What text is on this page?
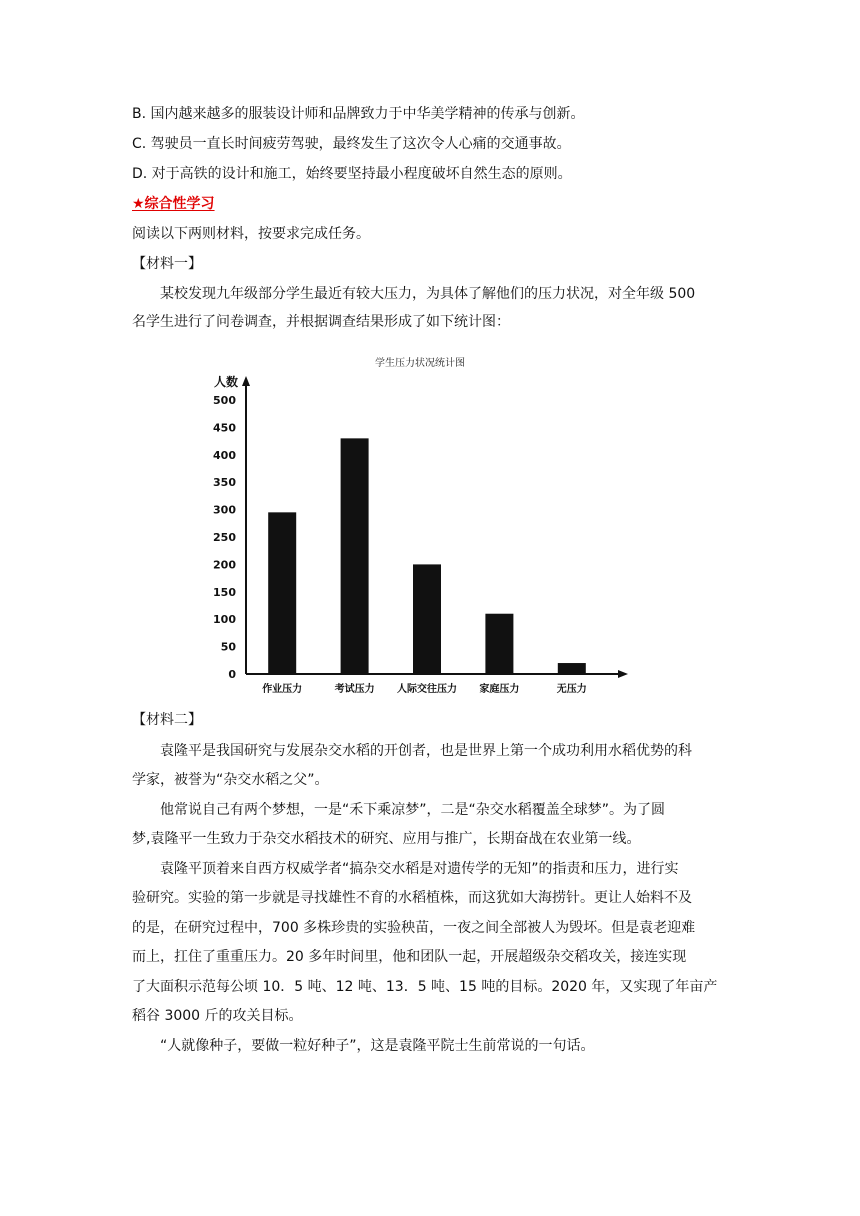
B. 国内越来越多的服装设计师和品牌致力于中华美学精神的传承与创新。
C. 驾驶员一直长时间疲劳驾驶，最终发生了这次令人心痛的交通事故。
D. 对于高铁的设计和施工，始终要坚持最小程度破坏自然生态的原则。
★综合性学习
阅读以下两则材料，按要求完成任务。
【材料一】
某校发现九年级部分学生最近有较大压力，为具体了解他们的压力状况，对全年级 500
名学生进行了问卷调查，并根据调查结果形成了如下统计图：
学生压力状况统计图
人数
0
50
100
150
200
250
300
350
400
450
500
作业压力	考试压力 人际交往压力 家庭压力	无压力
【材料二】
袁隆平是我国研究与发展杂交水稻的开创者，也是世界上第一个成功利用水稻优势的科
学家，被誉为“杂交水稻之父”。
他常说自己有两个梦想，一是“禾下乘凉梦”，二是“杂交水稻覆盖全球梦”。为了圆
梦,袁隆平一生致力于杂交水稻技术的研究、应用与推广，长期奋战在农业第一线。
袁隆平顶着来自西方权威学者“搞杂交水稻是对遗传学的无知”的指责和压力，进行实
验研究。实验的第一步就是寻找雄性不育的水稻植株，而这犹如大海捞针。更让人始料不及
的是，在研究过程中，700 多株珍贵的实验秧苗，一夜之间全部被人为毁坏。但是袁老迎难
而上，扛住了重重压力。20 多年时间里，他和团队一起，开展超级杂交稻攻关，接连实现
了大面积示范每公顷 10．5 吨、12 吨、13．5 吨、15 吨的目标。2020 年，又实现了年亩产
稻谷 3000 斤的攻关目标。
“人就像种子，要做一粒好种子”，这是袁隆平院士生前常说的一句话。
